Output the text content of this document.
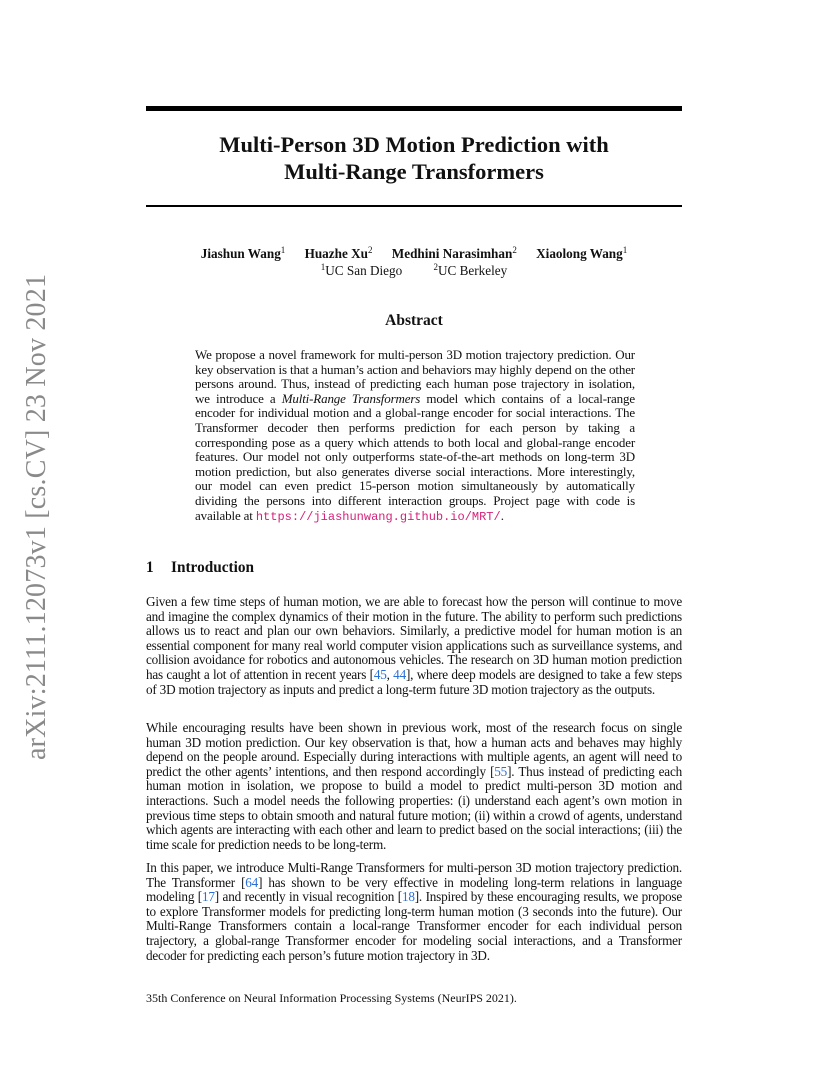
arXiv:2111.12073v1 [cs.CV] 23 Nov 2021
Multi-Person 3D Motion Prediction with
Multi-Range Transformers
Jiashun Wang$^1$ Huazhe Xu$^2$ Medhini Narasimhan$^2$ Xiaolong Wang$^1$
$^1$UC San Diego	$^2$UC Berkeley
Abstract

We propose a novel framework for multi-person 3D motion trajectory prediction. Our key observation is that a human’s action and behaviors may highly depend on the other persons around. Thus, instead of predicting each human pose trajectory in isolation, we introduce a Multi-Range Transformers model which contains of a local-range encoder for individual motion and a global-range encoder for social interactions. The Transformer decoder then performs prediction for each person by taking a corresponding pose as a query which attends to both local and global-range encoder features. Our model not only outperforms state-of-the-art methods on long-term 3D motion prediction, but also generates diverse social interactions. More interestingly, our model can even predict 15-person motion simultaneously by automatically dividing the persons into different interaction groups. Project page with code is available at https://jiashunwang.github.io/MRT/.

1 Introduction

Given a few time steps of human motion, we are able to forecast how the person will continue to move and imagine the complex dynamics of their motion in the future. The ability to perform such predictions allows us to react and plan our own behaviors. Similarly, a predictive model for human motion is an essential component for many real world computer vision applications such as surveillance systems, and collision avoidance for robotics and autonomous vehicles. The research on 3D human motion prediction has caught a lot of attention in recent years [45, 44], where deep models are designed to take a few steps of 3D motion trajectory as inputs and predict a long-term future 3D motion trajectory as the outputs.

While encouraging results have been shown in previous work, most of the research focus on single human 3D motion prediction. Our key observation is that, how a human acts and behaves may highly depend on the people around. Especially during interactions with multiple agents, an agent will need to predict the other agents’ intentions, and then respond accordingly [55]. Thus instead of predicting each human motion in isolation, we propose to build a model to predict multi-person 3D motion and interactions. Such a model needs the following properties: (i) understand each agent’s own motion in previous time steps to obtain smooth and natural future motion; (ii) within a crowd of agents, understand which agents are interacting with each other and learn to predict based on the social interactions; (iii) the time scale for prediction needs to be long-term.

In this paper, we introduce Multi-Range Transformers for multi-person 3D motion trajectory prediction. The Transformer [64] has shown to be very effective in modeling long-term relations in language modeling [17] and recently in visual recognition [18]. Inspired by these encouraging results, we propose to explore Transformer models for predicting long-term human motion (3 seconds into the future). Our Multi-Range Transformers contain a local-range Transformer encoder for each individual person trajectory, a global-range Transformer encoder for modeling social interactions, and a Transformer decoder for predicting each person’s future motion trajectory in 3D.

35th Conference on Neural Information Processing Systems (NeurIPS 2021).
